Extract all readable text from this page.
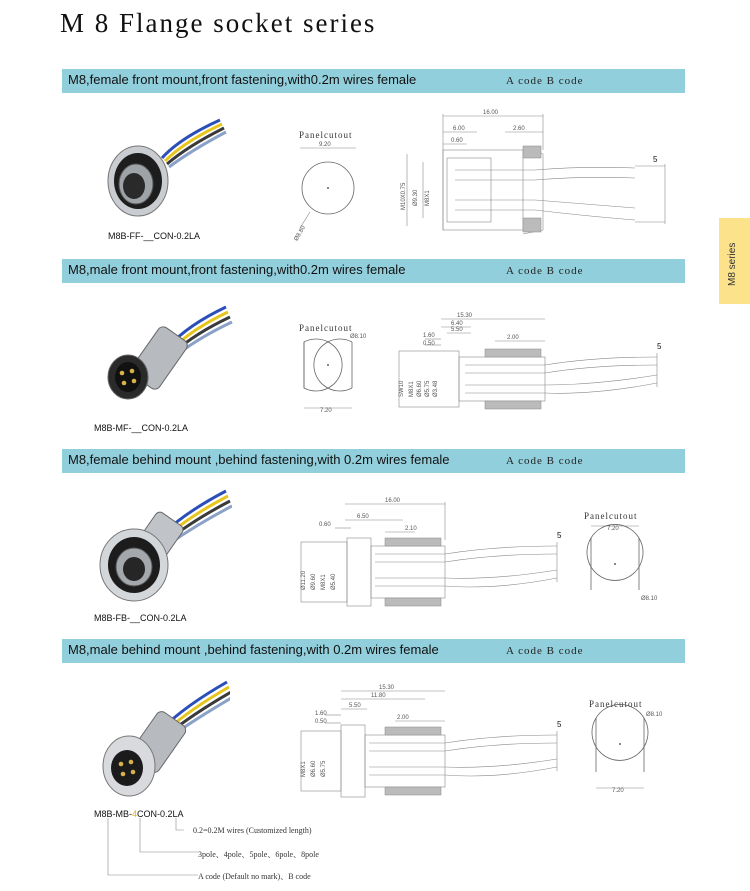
M 8 Flange socket series
M8 series
M8,female front mount,front fastening,with0.2m wires female	A code B code
M8B-FF-__CON-0.2LA
Panelcutout
9.20
Ø8.80
16.00
6.00	2.60
0.60
5
M8X1
M10X0.75 Ø9.30
M8,male front mount,front fastening,with0.2m wires female	A code B code
M8B-MF-__CON-0.2LA
Panelcutout
7.20
Ø8.10
15.30
6.40
5.50
1.60
0.50
2.00
5
M8X1 Ø6.60 Ø5.75 Ø3.48
SW10
M8,female behind mount ,behind fastening,with 0.2m wires female	A code B code
M8B-FB-__CON-0.2LA
16.00
6.50
0.60
2.10
5
Ø11.20 Ø9.60 M8X1 Ø5.40
Panelcutout
7.20
Ø8.10
M8,male behind mount ,behind fastening,with 0.2m wires female	A code B code
M8B-MB-4CON-0.2LA
15.30
11.80
5.50
1.60
0.50
2.00
5
M8X1 Ø6.60 Ø5.75
Panelcutout
7.20
Ø8.10
0.2=0.2M wires (Customized length)
3pole、4pole、5pole、6pole、8pole
A code (Default no mark)、B code
